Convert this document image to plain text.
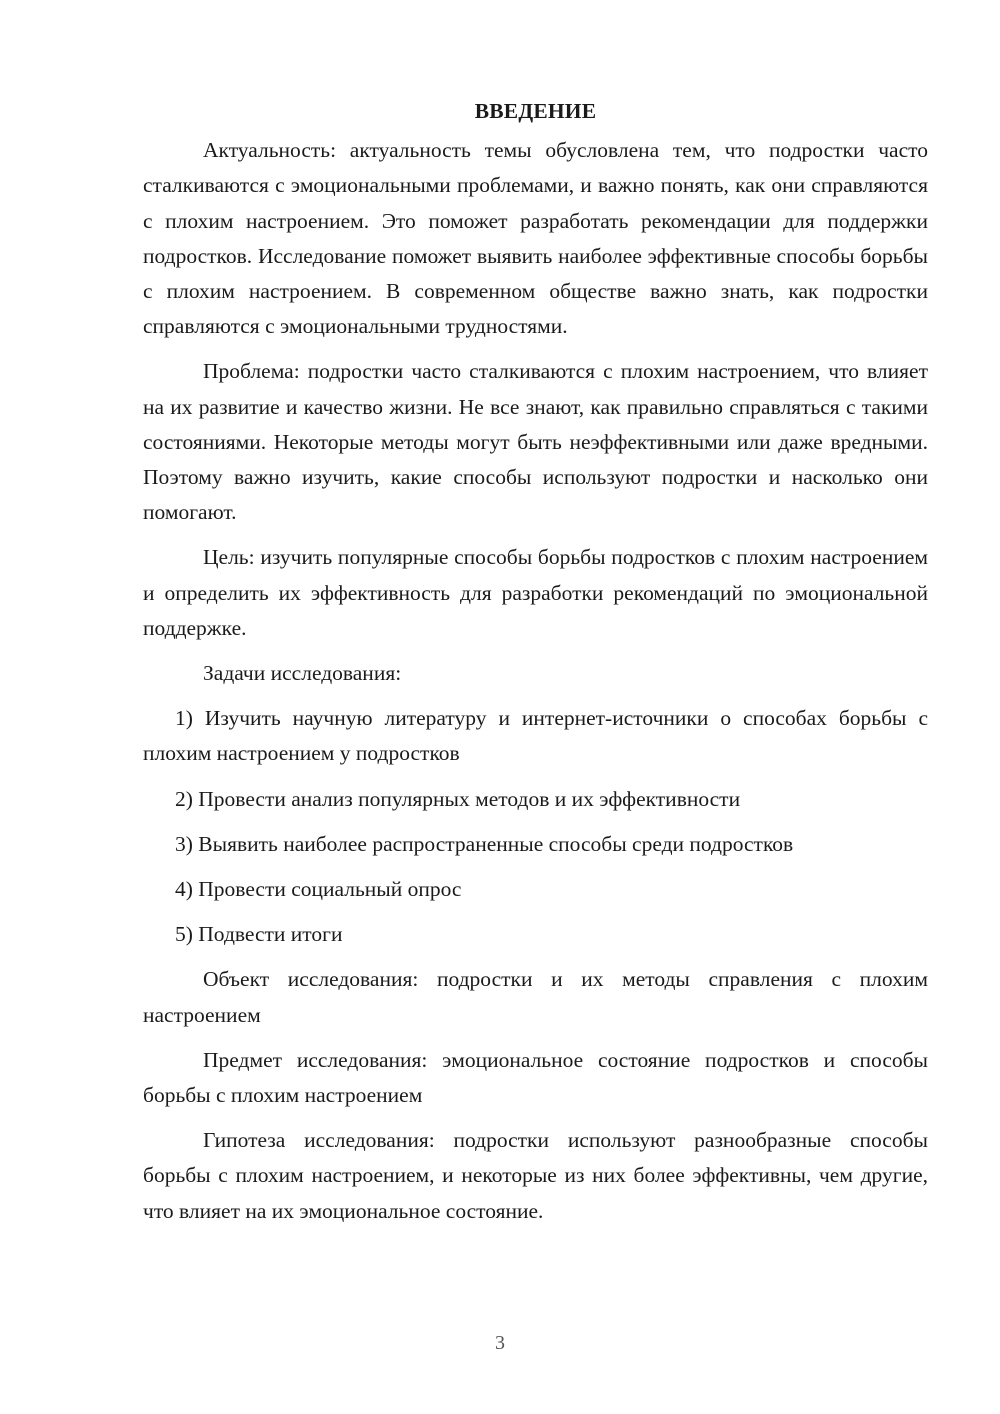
ВВЕДЕНИЕ

Актуальность: актуальность темы обусловлена тем, что подростки часто сталкиваются с эмоциональными проблемами, и важно понять, как они справляются с плохим настроением. Это поможет разработать рекомендации для поддержки подростков. Исследование поможет выявить наиболее эффективные способы борьбы с плохим настроением. В современном обществе важно знать, как подростки справляются с эмоциональными трудностями.

Проблема: подростки часто сталкиваются с плохим настроением, что влияет на их развитие и качество жизни. Не все знают, как правильно справляться с такими состояниями. Некоторые методы могут быть неэффективными или даже вредными. Поэтому важно изучить, какие способы используют подростки и насколько они помогают.

Цель: изучить популярные способы борьбы подростков с плохим настроением и определить их эффективность для разработки рекомендаций по эмоциональной поддержке.

Задачи исследования:

1) Изучить научную литературу и интернет-источники о способах борьбы с плохим настроением у подростков

2) Провести анализ популярных методов и их эффективности

3) Выявить наиболее распространенные способы среди подростков

4) Провести социальный опрос

5) Подвести итоги

Объект исследования: подростки и их методы справления с плохим настроением

Предмет исследования: эмоциональное состояние подростков и способы борьбы с плохим настроением

Гипотеза исследования: подростки используют разнообразные способы борьбы с плохим настроением, и некоторые из них более эффективны, чем другие, что влияет на их эмоциональное состояние.

3
